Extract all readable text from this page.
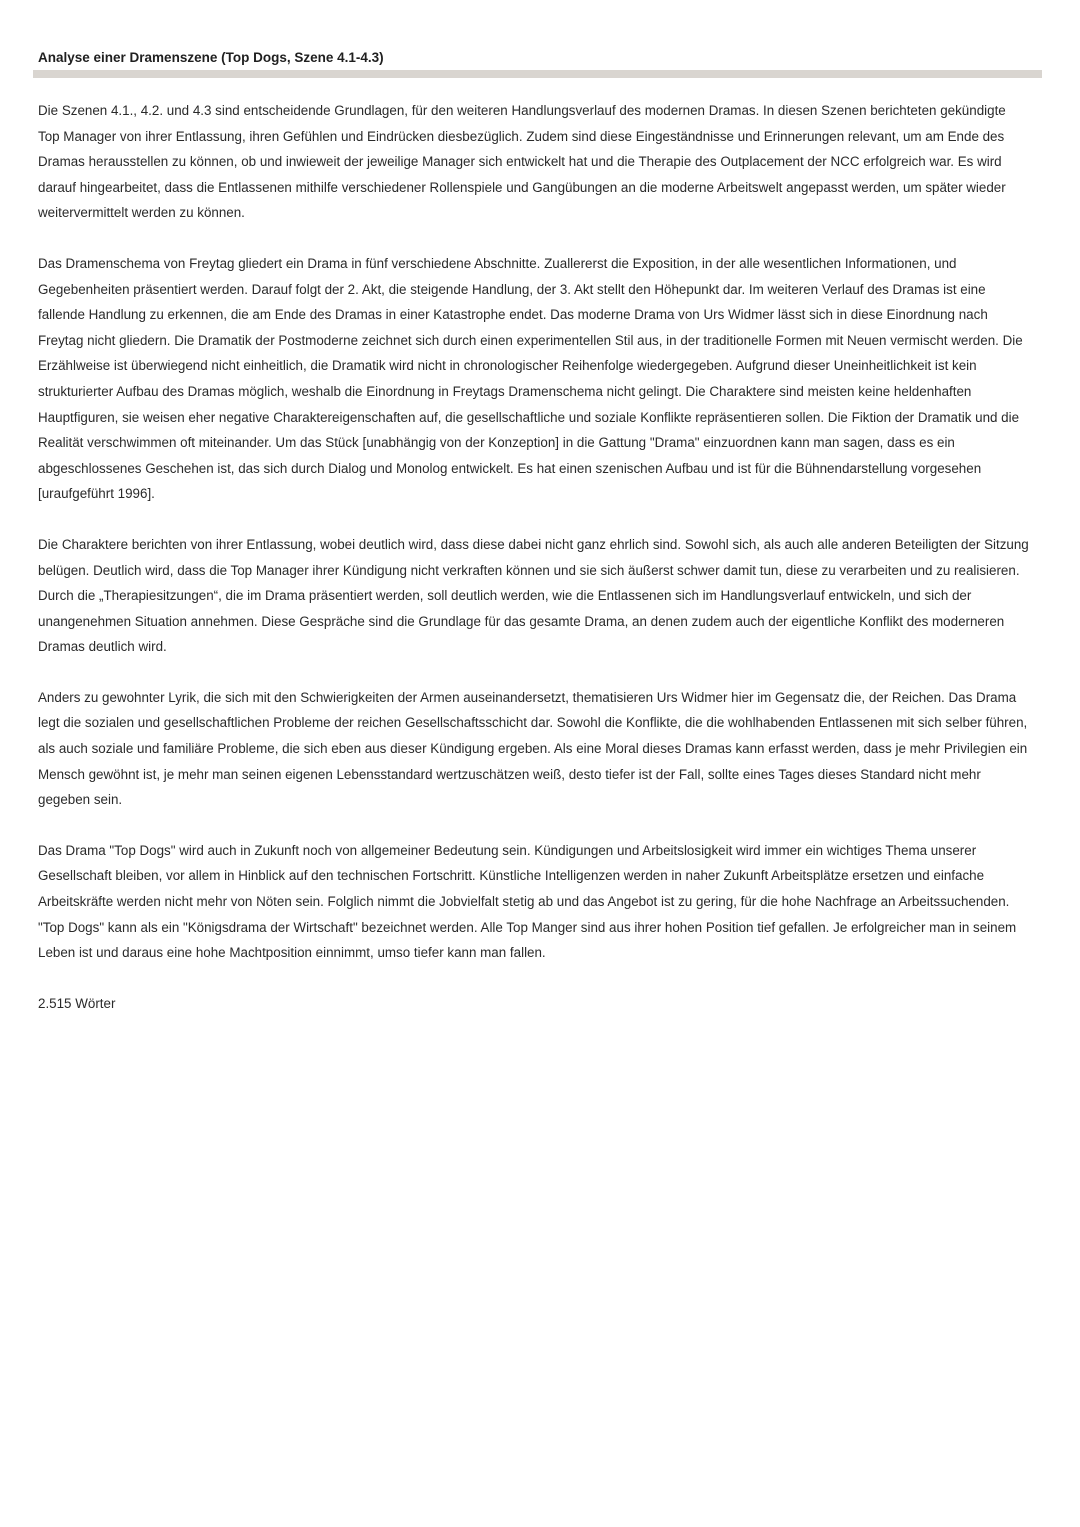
Analyse einer Dramenszene (Top Dogs, Szene 4.1-4.3)

Die Szenen 4.1., 4.2. und 4.3 sind entscheidende Grundlagen, für den weiteren Handlungsverlauf des modernen Dramas. In diesen Szenen berichteten gekündigte Top Manager von ihrer Entlassung, ihren Gefühlen und Eindrücken diesbezüglich. Zudem sind diese Eingeständnisse und Erinnerungen relevant, um am Ende des Dramas herausstellen zu können, ob und inwieweit der jeweilige Manager sich entwickelt hat und die Therapie des Outplacement der NCC erfolgreich war. Es wird darauf hingearbeitet, dass die Entlassenen mithilfe verschiedener Rollenspiele und Gangübungen an die moderne Arbeitswelt angepasst werden, um später wieder weitervermittelt werden zu können.

Das Dramenschema von Freytag gliedert ein Drama in fünf verschiedene Abschnitte. Zuallererst die Exposition, in der alle wesentlichen Informationen, und Gegebenheiten präsentiert werden. Darauf folgt der 2. Akt, die steigende Handlung, der 3. Akt stellt den Höhepunkt dar. Im weiteren Verlauf des Dramas ist eine fallende Handlung zu erkennen, die am Ende des Dramas in einer Katastrophe endet. Das moderne Drama von Urs Widmer lässt sich in diese Einordnung nach Freytag nicht gliedern. Die Dramatik der Postmoderne zeichnet sich durch einen experimentellen Stil aus, in der traditionelle Formen mit Neuen vermischt werden. Die Erzählweise ist überwiegend nicht einheitlich, die Dramatik wird nicht in chronologischer Reihenfolge wiedergegeben. Aufgrund dieser Uneinheitlichkeit ist kein strukturierter Aufbau des Dramas möglich, weshalb die Einordnung in Freytags Dramenschema nicht gelingt. Die Charaktere sind meisten keine heldenhaften Hauptfiguren, sie weisen eher negative Charaktereigenschaften auf, die gesellschaftliche und soziale Konflikte repräsentieren sollen. Die Fiktion der Dramatik und die Realität verschwimmen oft miteinander. Um das Stück [unabhängig von der Konzeption] in die Gattung "Drama" einzuordnen kann man sagen, dass es ein abgeschlossenes Geschehen ist, das sich durch Dialog und Monolog entwickelt. Es hat einen szenischen Aufbau und ist für die Bühnendarstellung vorgesehen [uraufgeführt 1996].

Die Charaktere berichten von ihrer Entlassung, wobei deutlich wird, dass diese dabei nicht ganz ehrlich sind. Sowohl sich, als auch alle anderen Beteiligten der Sitzung belügen. Deutlich wird, dass die Top Manager ihrer Kündigung nicht verkraften können und sie sich äußerst schwer damit tun, diese zu verarbeiten und zu realisieren. Durch die „Therapiesitzungen“, die im Drama präsentiert werden, soll deutlich werden, wie die Entlassenen sich im Handlungsverlauf entwickeln, und sich der unangenehmen Situation annehmen. Diese Gespräche sind die Grundlage für das gesamte Drama, an denen zudem auch der eigentliche Konflikt des moderneren Dramas deutlich wird.

Anders zu gewohnter Lyrik, die sich mit den Schwierigkeiten der Armen auseinandersetzt, thematisieren Urs Widmer hier im Gegensatz die, der Reichen. Das Drama legt die sozialen und gesellschaftlichen Probleme der reichen Gesellschaftsschicht dar. Sowohl die Konflikte, die die wohlhabenden Entlassenen mit sich selber führen, als auch soziale und familiäre Probleme, die sich eben aus dieser Kündigung ergeben. Als eine Moral dieses Dramas kann erfasst werden, dass je mehr Privilegien ein Mensch gewöhnt ist, je mehr man seinen eigenen Lebensstandard wertzuschätzen weiß, desto tiefer ist der Fall, sollte eines Tages dieses Standard nicht mehr gegeben sein.

Das Drama "Top Dogs" wird auch in Zukunft noch von allgemeiner Bedeutung sein. Kündigungen und Arbeitslosigkeit wird immer ein wichtiges Thema unserer Gesellschaft bleiben, vor allem in Hinblick auf den technischen Fortschritt. Künstliche Intelligenzen werden in naher Zukunft Arbeitsplätze ersetzen und einfache Arbeitskräfte werden nicht mehr von Nöten sein. Folglich nimmt die Jobvielfalt stetig ab und das Angebot ist zu gering, für die hohe Nachfrage an Arbeitssuchenden. "Top Dogs" kann als ein "Königsdrama der Wirtschaft" bezeichnet werden. Alle Top Manger sind aus ihrer hohen Position tief gefallen. Je erfolgreicher man in seinem Leben ist und daraus eine hohe Machtposition einnimmt, umso tiefer kann man fallen.

2.515 Wörter
